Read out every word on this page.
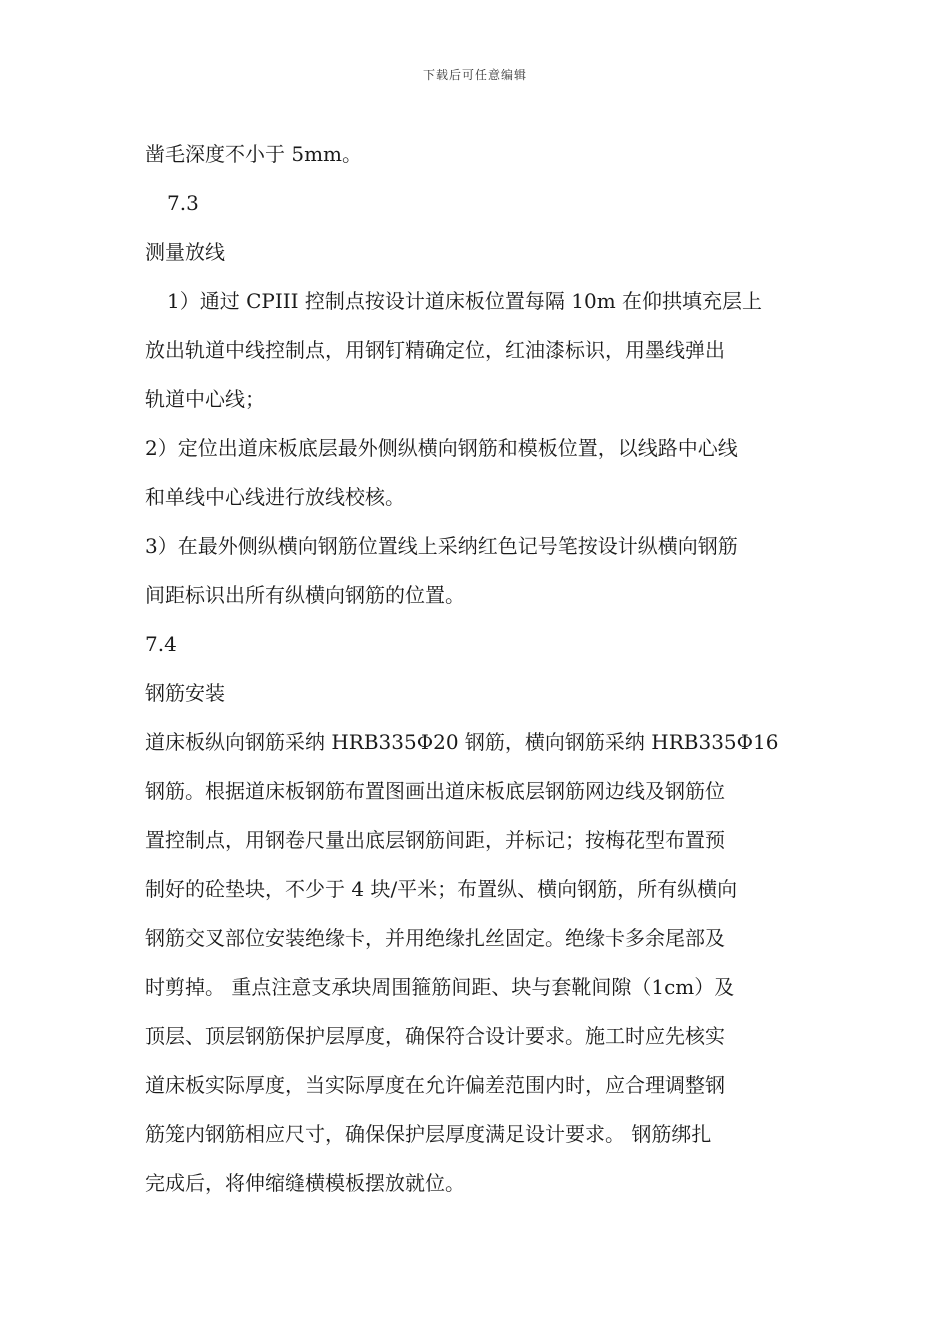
下载后可任意编辑
凿毛深度不小于 5mm。
7.3
测量放线
1）通过 CPIII 控制点按设计道床板位置每隔 10m 在仰拱填充层上
放出轨道中线控制点，用钢钉精确定位，红油漆标识，用墨线弹出
轨道中心线；
2）定位出道床板底层最外侧纵横向钢筋和模板位置，以线路中心线
和单线中心线进行放线校核。
3）在最外侧纵横向钢筋位置线上采纳红色记号笔按设计纵横向钢筋
间距标识出所有纵横向钢筋的位置。
7.4
钢筋安装
道床板纵向钢筋采纳 HRB335Φ20 钢筋，横向钢筋采纳 HRB335Φ16
钢筋。根据道床板钢筋布置图画出道床板底层钢筋网边线及钢筋位
置控制点，用钢卷尺量出底层钢筋间距，并标记；按梅花型布置预
制好的砼垫块，不少于 4 块/平米；布置纵、横向钢筋，所有纵横向
钢筋交叉部位安装绝缘卡，并用绝缘扎丝固定。绝缘卡多余尾部及
时剪掉。 重点注意支承块周围箍筋间距、块与套靴间隙（1cm）及
顶层、顶层钢筋保护层厚度，确保符合设计要求。施工时应先核实
道床板实际厚度，当实际厚度在允许偏差范围内时，应合理调整钢
筋笼内钢筋相应尺寸，确保保护层厚度满足设计要求。 钢筋绑扎
完成后，将伸缩缝横模板摆放就位。
